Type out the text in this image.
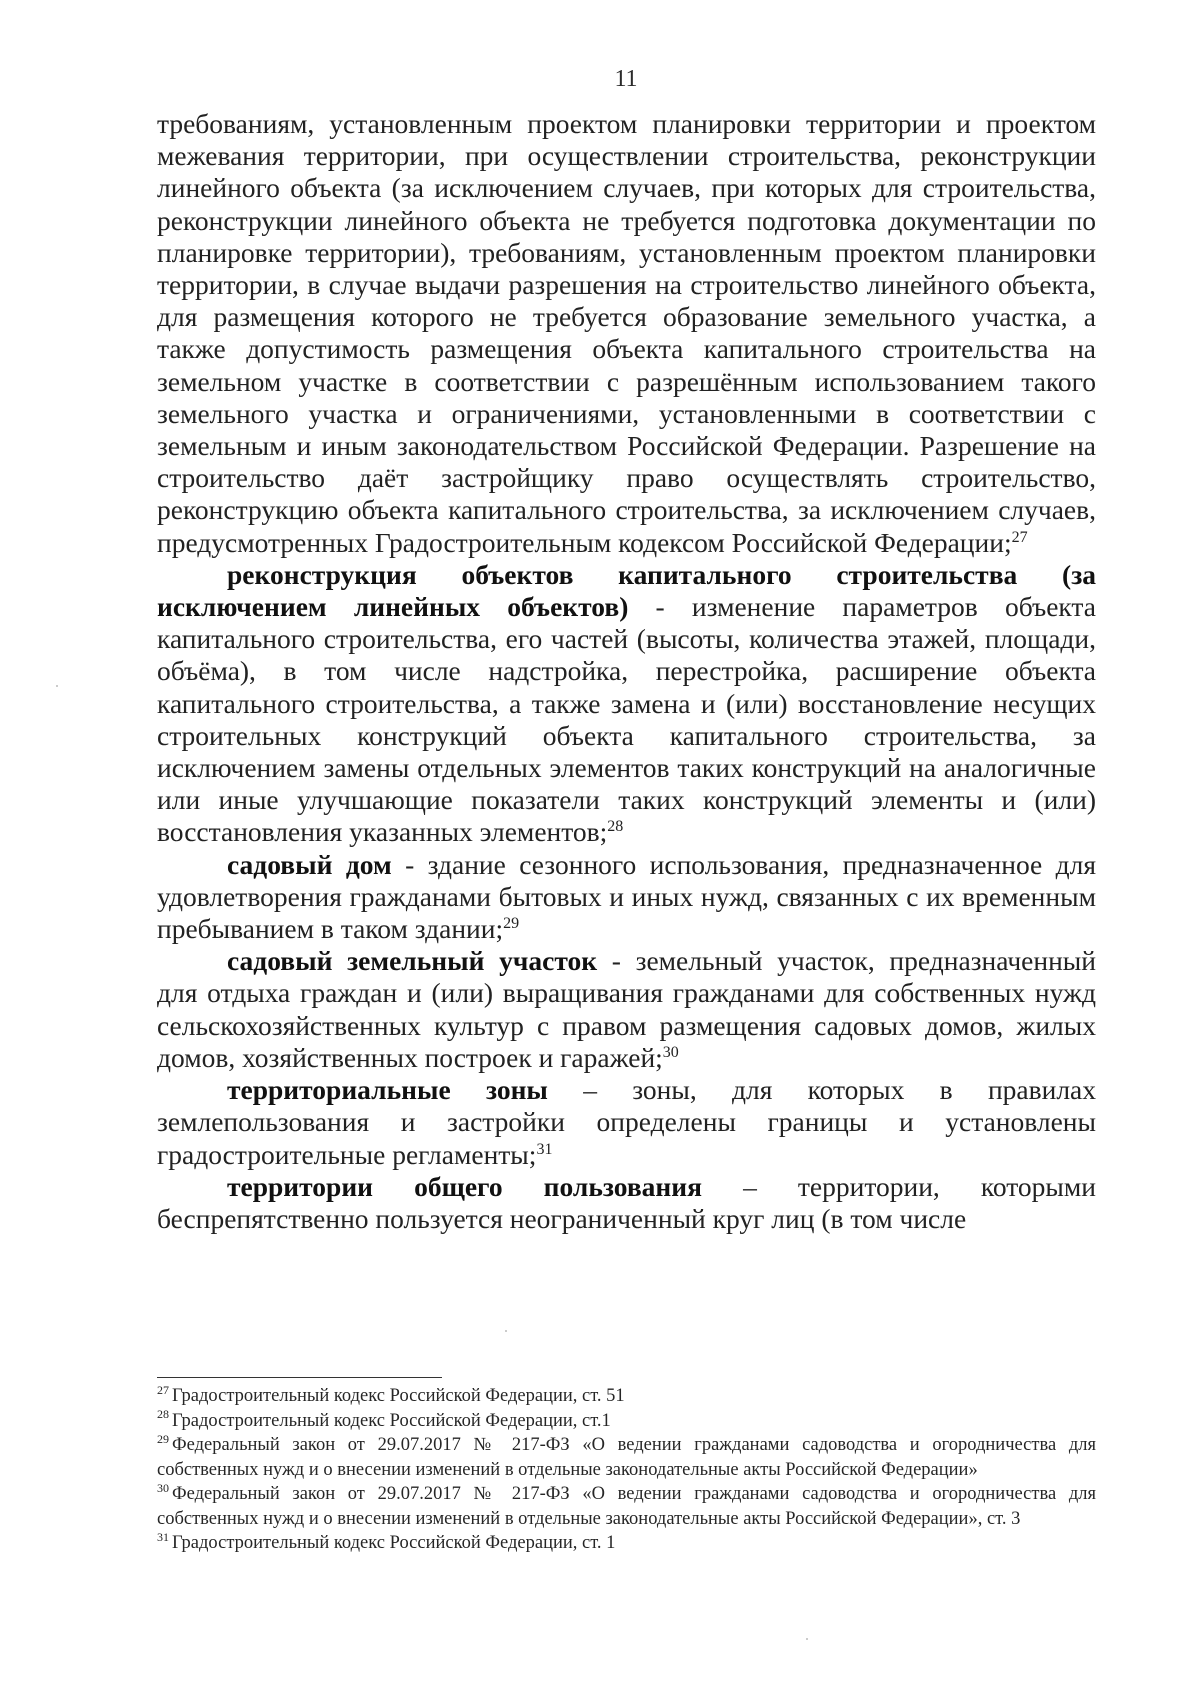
11

требованиям, установленным проектом планировки территории и проектом межевания территории, при осуществлении строительства, реконструкции линейного объекта (за исключением случаев, при которых для строительства, реконструкции линейного объекта не требуется подготовка документации по планировке территории), требованиям, установленным проектом планировки территории, в случае выдачи разрешения на строительство линейного объекта, для размещения которого не требуется образование земельного участка, а также допустимость размещения объекта капитального строительства на земельном участке в соответствии с разрешённым использованием такого земельного участка и ограничениями, установленными в соответствии с земельным и иным законодательством Российской Федерации. Разрешение на строительство даёт застройщику право осуществлять строительство, реконструкцию объекта капитального строительства, за исключением случаев, предусмотренных Градостроительным кодексом Российской Федерации;$^{27}$

реконструкция объектов капитального строительства (за исключением линейных объектов) - изменение параметров объекта капитального строительства, его частей (высоты, количества этажей, площади, объёма), в том числе надстройка, перестройка, расширение объекта капитального строительства, а также замена и (или) восстановление несущих строительных конструкций объекта капитального строительства, за исключением замены отдельных элементов таких конструкций на аналогичные или иные улучшающие показатели таких конструкций элементы и (или) восстановления указанных элементов;$^{28}$

садовый дом - здание сезонного использования, предназначенное для удовлетворения гражданами бытовых и иных нужд, связанных с их временным пребыванием в таком здании;$^{29}$

садовый земельный участок - земельный участок, предназначенный для отдыха граждан и (или) выращивания гражданами для собственных нужд сельскохозяйственных культур с правом размещения садовых домов, жилых домов, хозяйственных построек и гаражей;$^{30}$

территориальные зоны – зоны, для которых в правилах землепользования и застройки определены границы и установлены градостроительные регламенты;$^{31}$

территории общего пользования – территории, которыми беспрепятственно пользуется неограниченный круг лиц (в том числе

$^{27}$ Градостроительный кодекс Российской Федерации, ст. 51

$^{28}$ Градостроительный кодекс Российской Федерации, ст.1

$^{29}$ Федеральный закон от 29.07.2017 № 217-ФЗ «О ведении гражданами садоводства и огородничества для собственных нужд и о внесении изменений в отдельные законодательные акты Российской Федерации»

$^{30}$ Федеральный закон от 29.07.2017 № 217-ФЗ «О ведении гражданами садоводства и огородничества для собственных нужд и о внесении изменений в отдельные законодательные акты Российской Федерации», ст. 3

$^{31}$ Градостроительный кодекс Российской Федерации, ст. 1
